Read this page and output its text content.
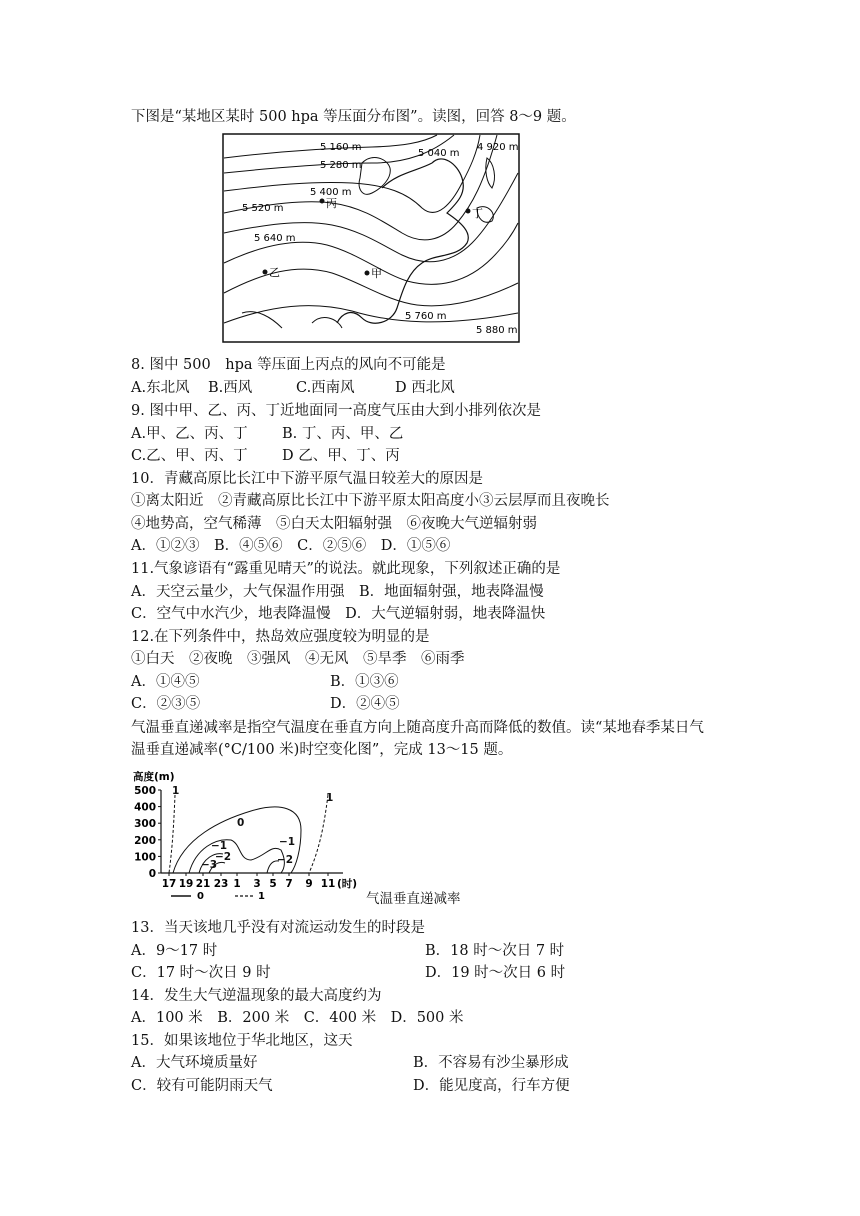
下图是“某地区某时 500 hpa 等压面分布图”。读图，回答 8〜9 题。
5 160 m
5 040 m
4 920 m
5 280 m
5 400 m
5 520 m
5 640 m
5 760 m
5 880 m
丙
丁
乙	甲
8. 图中 500　hpa 等压面上丙点的风向不可能是
A.东北风 B.西风	C.西南风	D 西北风
9. 图中甲、乙、丙、丁近地面同一高度气压由大到小排列依次是
A.甲、乙、丙、丁 B. 丁、丙、甲、乙
C.乙、甲、丙、丁 D 乙、甲、丁、丙
10．青藏高原比长江中下游平原气温日较差大的原因是
①离太阳近　②青藏高原比长江中下游平原太阳高度小③云层厚而且夜晚长
④地势高，空气稀薄　⑤白天太阳辐射强　⑥夜晚大气逆辐射弱
A．①②③　B．④⑤⑥　C．②⑤⑥　D．①⑤⑥
11.气象谚语有“露重见晴天”的说法。就此现象，下列叙述正确的是
A．天空云量少，大气保温作用强　B．地面辐射强，地表降温慢
C．空气中水汽少，地表降温慢　D．大气逆辐射弱，地表降温快
12.在下列条件中，热岛效应强度较为明显的是
①白天　②夜晚　③强风　④无风　⑤旱季　⑥雨季
A．①④⑤	B．①③⑥
C．②③⑤	D．②④⑤
气温垂直递减率是指空气温度在垂直方向上随高度升高而降低的数值。读“某地春季某日气
温垂直递减率(°C/100 米)时空变化图”，完成 13～15 题。
高度(m)
0
100
200
300
400
500
17 19 21 23 1 3 5 7 9 11 (时)
1
0
−1
−2
−3
−1
−2
1
0	1	气温垂直递减率
13．当天该地几乎没有对流运动发生的时段是
A．9～17 时	B．18 时～次日 7 时
C．17 时～次日 9 时	D．19 时～次日 6 时
14．发生大气逆温现象的最大高度约为
A．100 米　B．200 米　C．400 米　D．500 米
15．如果该地位于华北地区，这天
A．大气环境质量好	B．不容易有沙尘暴形成
C．较有可能阴雨天气	D．能见度高，行车方便
